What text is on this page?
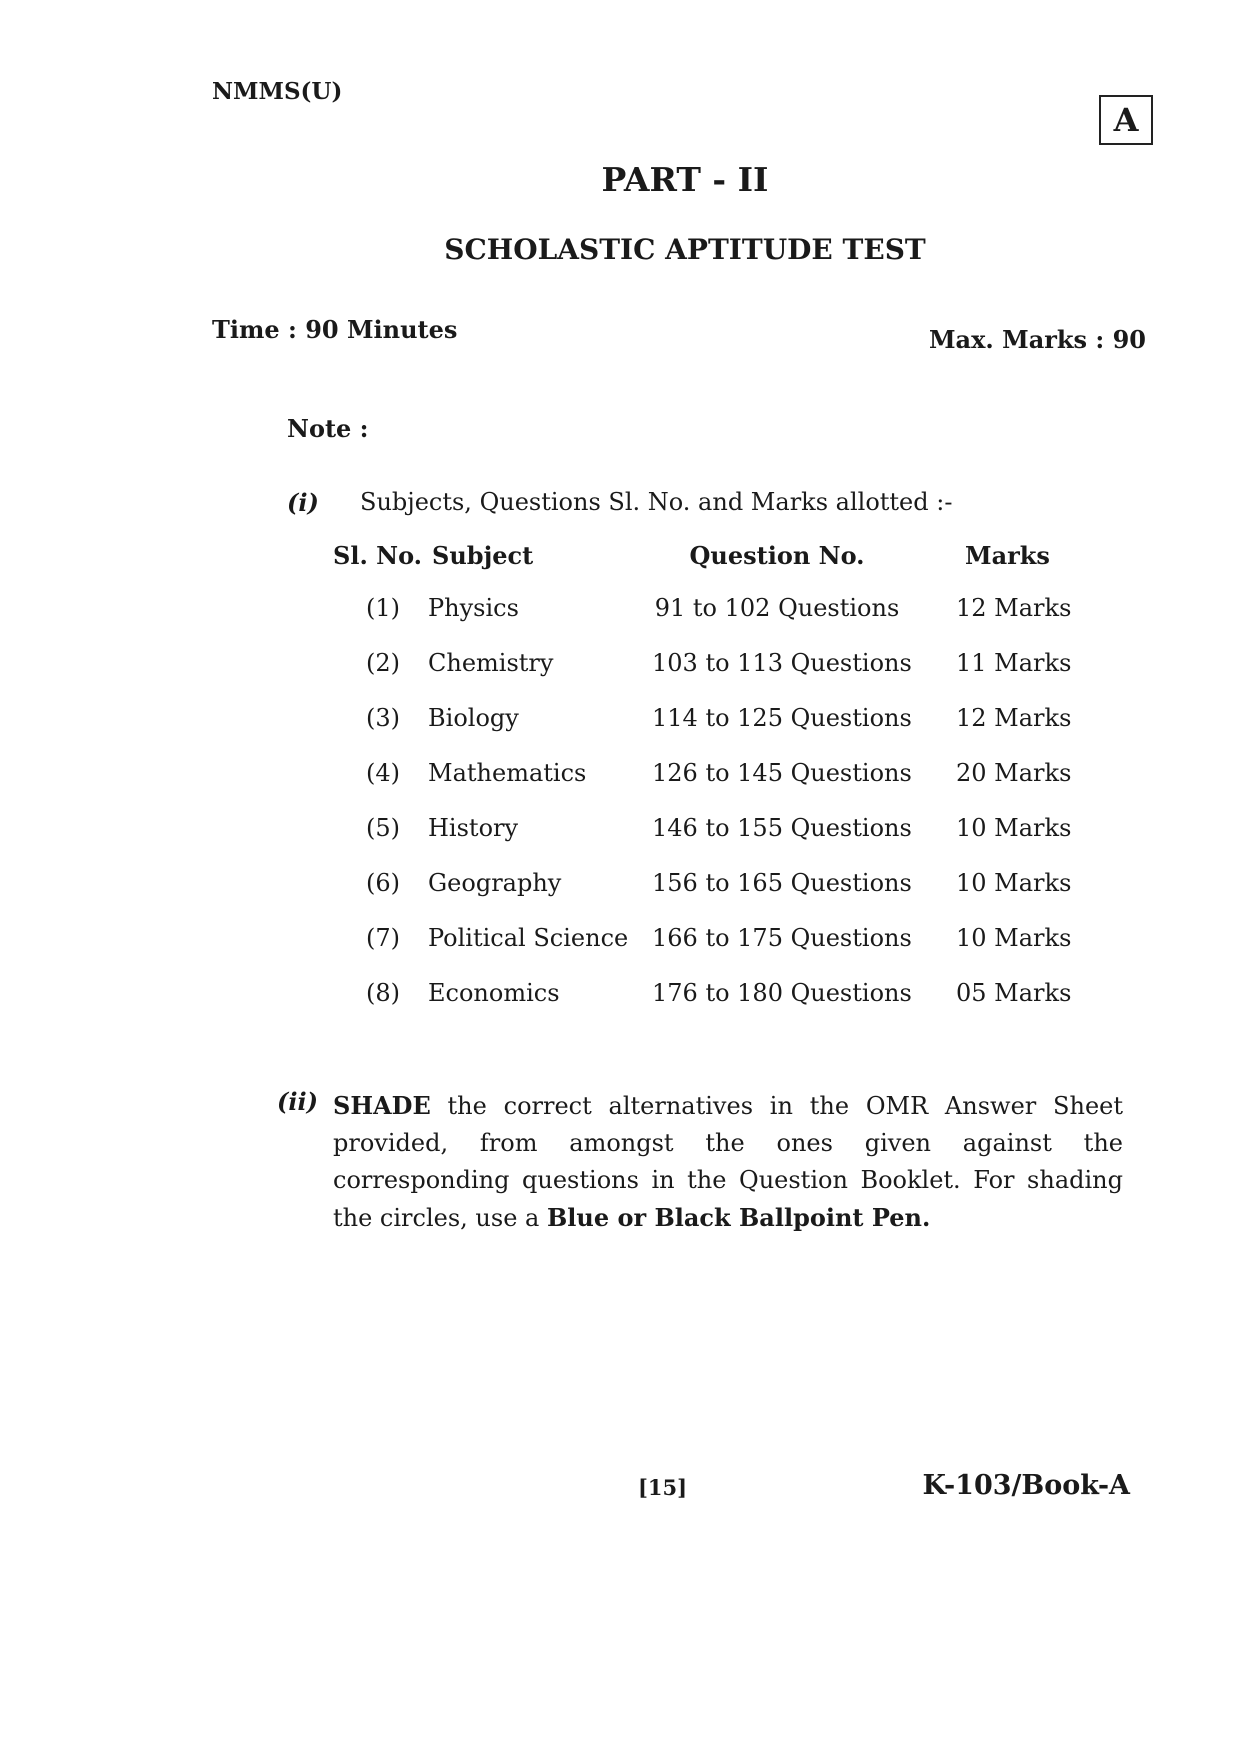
NMMS(U)
A
PART - II
SCHOLASTIC APTITUDE TEST
Time : 90 Minutes	Max. Marks : 90
Note :
(i) Subjects, Questions Sl. No. and Marks allotted :-
Sl. No. Subject	Question No.	Marks
(1) Physics	91 to 102 Questions 12 Marks
(2) Chemistry	103 to 113 Questions 11 Marks
(3) Biology	114 to 125 Questions 12 Marks
(4) Mathematics	126 to 145 Questions 20 Marks
(5) History	146 to 155 Questions 10 Marks
(6) Geography	156 to 165 Questions 10 Marks
(7) Political Science 166 to 175 Questions 10 Marks
(8) Economics	176 to 180 Questions 05 Marks
(ii) SHADE the correct alternatives in the OMR Answer Sheet provided, from amongst the ones given against the corresponding questions in the Question Booklet. For shading the circles, use a Blue or Black Ballpoint Pen.
[15]	K-103/Book-A
